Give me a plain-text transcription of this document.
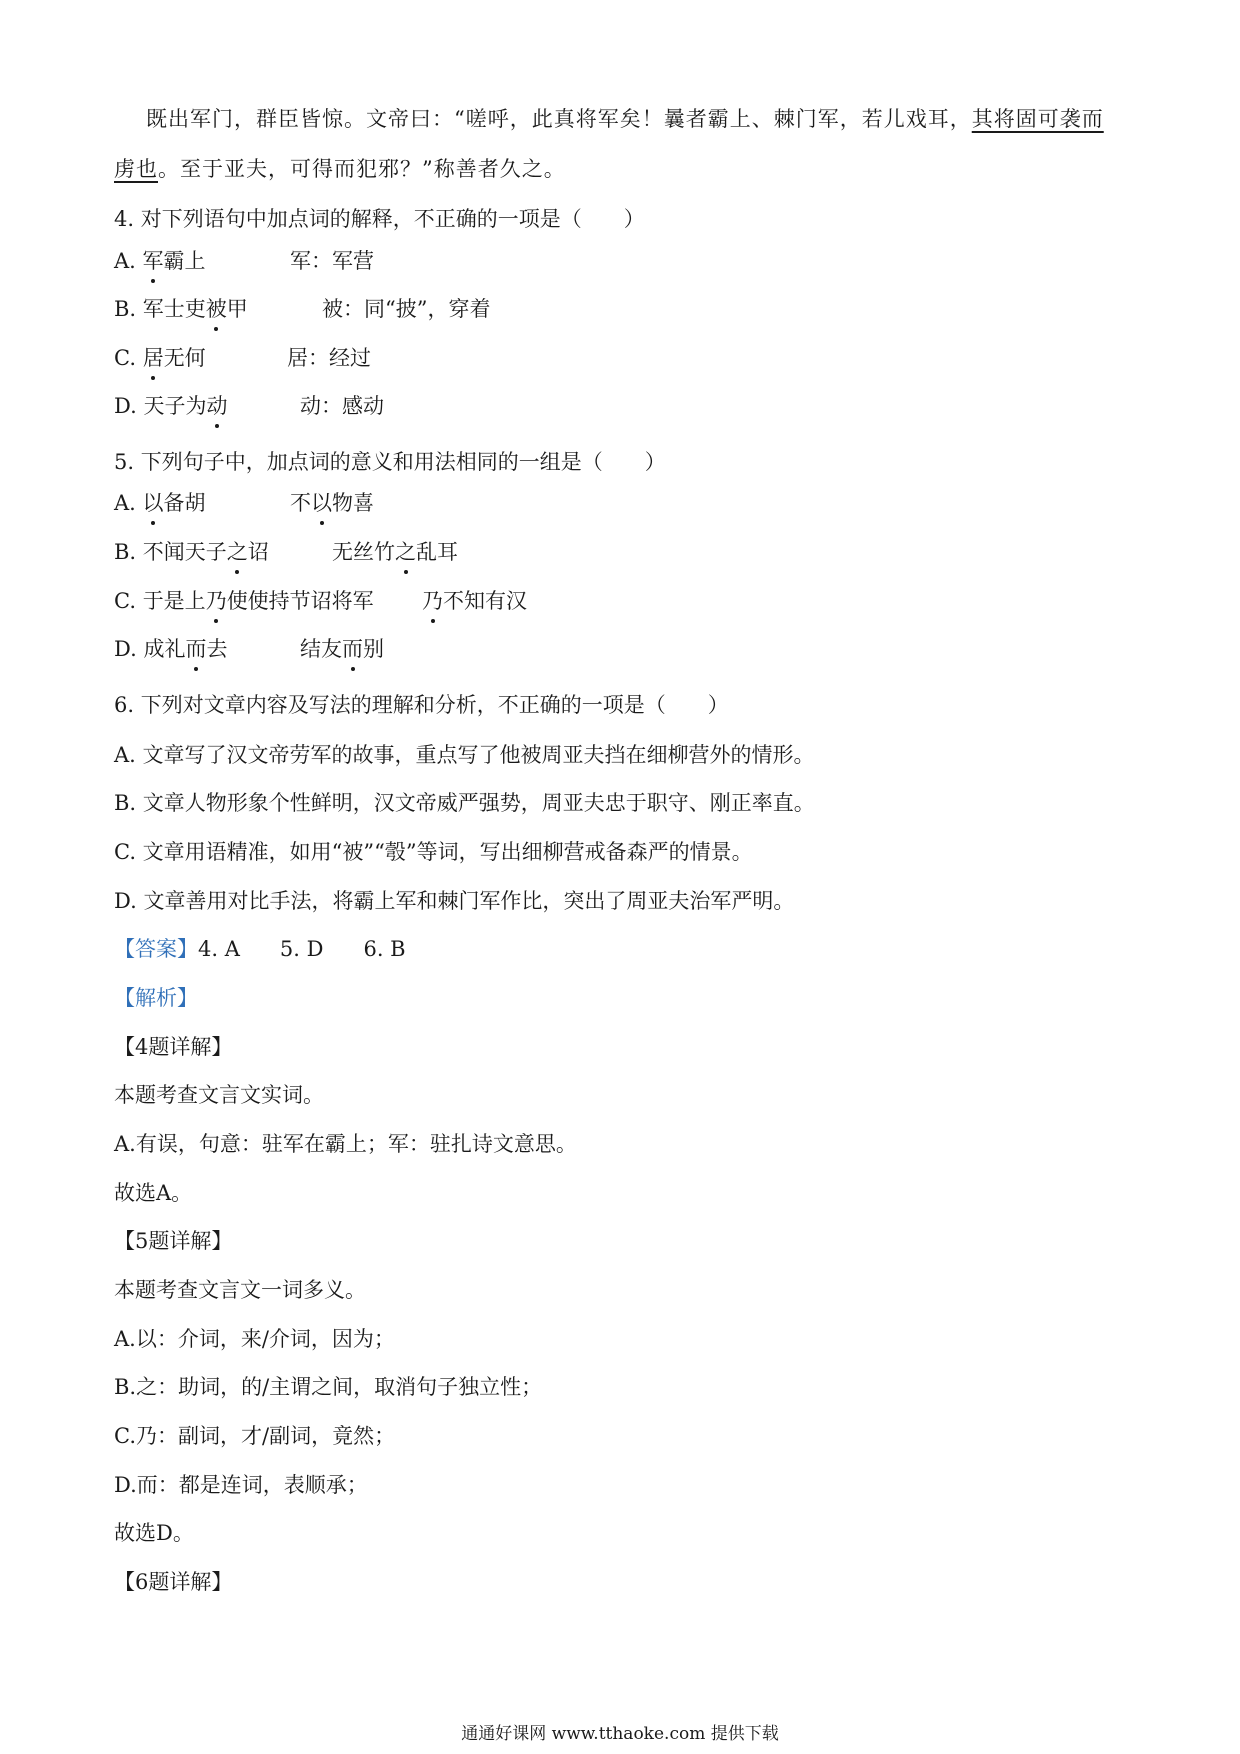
既出军门，群臣皆惊。文帝曰：“嗟呼，此真将军矣！曩者霸上、棘门军，若儿戏耳，其将固可袭而
虏也。至于亚夫，可得而犯邪？”称善者久之。
4. 对下列语句中加点词的解释，不正确的一项是（　　）
A. 军霸上	军：军营
B. 军士吏被甲	被：同“披”，穿着
C. 居无何	居：经过
D. 天子为动	动：感动
5. 下列句子中，加点词的意义和用法相同的一组是（　　）
A. 以备胡	不以物喜
B. 不闻天子之诏	无丝竹之乱耳
C. 于是上乃使使持节诏将军 乃不知有汉
D. 成礼而去	结友而别
6. 下列对文章内容及写法的理解和分析，不正确的一项是（　　）
A. 文章写了汉文帝劳军的故事，重点写了他被周亚夫挡在细柳营外的情形。
B. 文章人物形象个性鲜明，汉文帝威严强势，周亚夫忠于职守、刚正率直。
C. 文章用语精准，如用“被”“彀”等词，写出细柳营戒备森严的情景。
D. 文章善用对比手法，将霸上军和棘门军作比，突出了周亚夫治军严明。
【答案】4. A 5. D 6. B
【解析】
【4题详解】
本题考查文言文实词。
A.有误，句意：驻军在霸上；军：驻扎诗文意思。
故选A。
【5题详解】
本题考查文言文一词多义。
A.以：介词，来/介词，因为；
B.之：助词，的/主谓之间，取消句子独立性；
C.乃：副词，才/副词，竟然；
D.而：都是连词，表顺承；
故选D。
【6题详解】
通通好课网 www.tthaoke.com 提供下载
